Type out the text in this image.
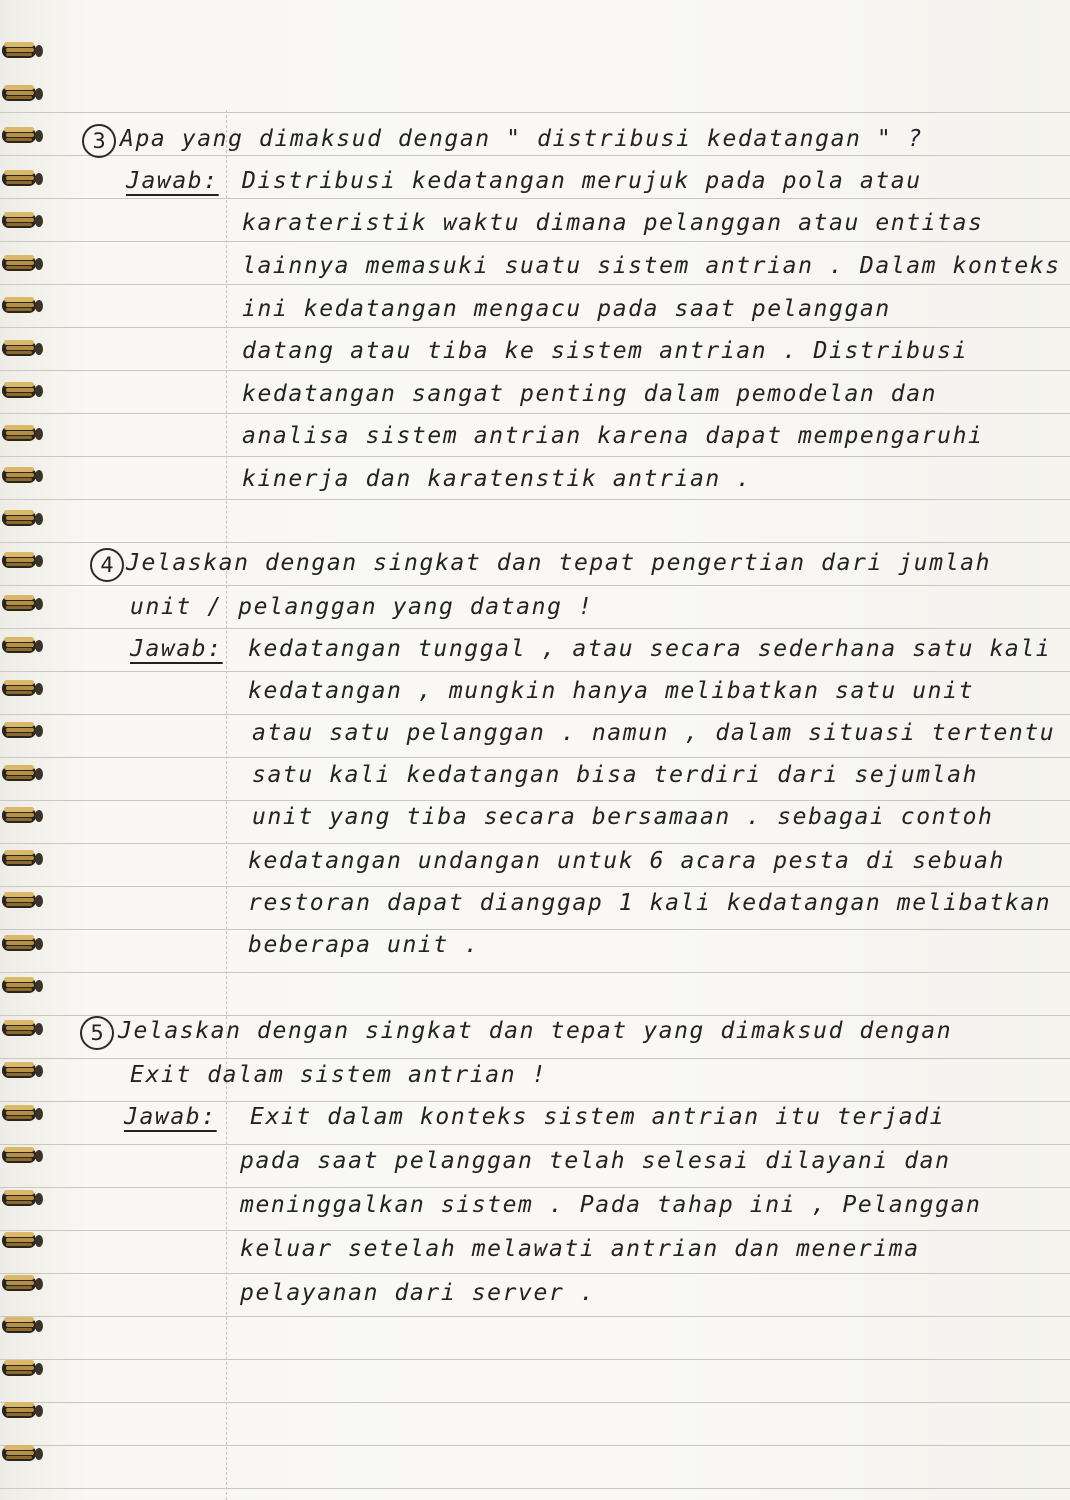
3 Apa yang dimaksud dengan " distribusi kedatangan " ?
Jawab: Distribusi kedatangan merujuk pada pola atau
karateristik waktu dimana pelanggan atau entitas
lainnya memasuki suatu sistem antrian . Dalam konteks
ini kedatangan mengacu pada saat pelanggan
datang atau tiba ke sistem antrian . Distribusi
kedatangan sangat penting dalam pemodelan dan
analisa sistem antrian karena dapat mempengaruhi
kinerja dan karatenstik antrian .
4 Jelaskan dengan singkat dan tepat pengertian dari jumlah
unit / pelanggan yang datang !
Jawab: kedatangan tunggal , atau secara sederhana satu kali
kedatangan , mungkin hanya melibatkan satu unit
atau satu pelanggan . namun , dalam situasi tertentu
satu kali kedatangan bisa terdiri dari sejumlah
unit yang tiba secara bersamaan . sebagai contoh
kedatangan undangan untuk 6 acara pesta di sebuah
restoran dapat dianggap 1 kali kedatangan melibatkan
beberapa unit .
5 Jelaskan dengan singkat dan tepat yang dimaksud dengan
Exit dalam sistem antrian !
Jawab: Exit dalam konteks sistem antrian itu terjadi
pada saat pelanggan telah selesai dilayani dan
meninggalkan sistem . Pada tahap ini , Pelanggan
keluar setelah melawati antrian dan menerima
pelayanan dari server .
